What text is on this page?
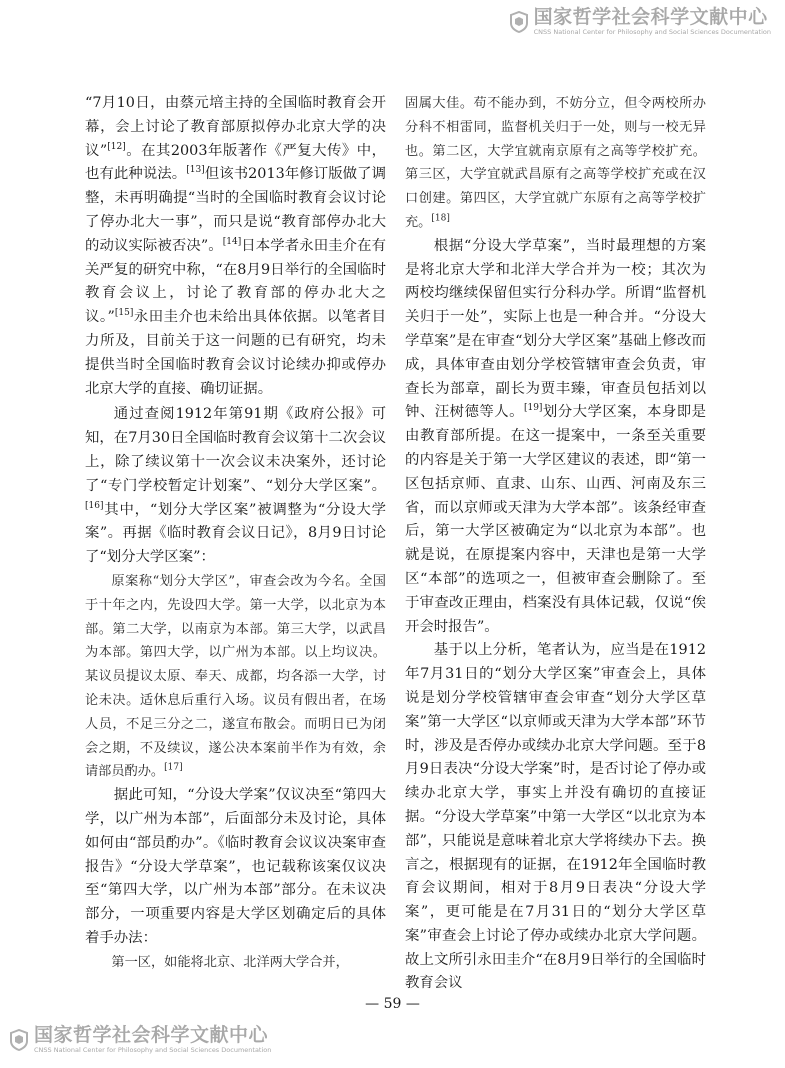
国家哲学社会科学文献中心
CNSS National Center for Philosophy and Social Sciences Documentation

“7月10日，由蔡元培主持的全国临时教育会开幕，会上讨论了教育部原拟停办北京大学的决议”[12]。在其2003年版著作《严复大传》中，也有此种说法。[13]但该书2013年修订版做了调整，未再明确提“当时的全国临时教育会议讨论了停办北大一事”，而只是说“教育部停办北大的动议实际被否决”。[14]日本学者永田圭介在有关严复的研究中称，“在8月9日举行的全国临时教育会议上，讨论了教育部的停办北大之议。”[15]永田圭介也未给出具体依据。以笔者目力所及，目前关于这一问题的已有研究，均未提供当时全国临时教育会议讨论续办抑或停办北京大学的直接、确切证据。

通过查阅1912年第91期《政府公报》可知，在7月30日全国临时教育会议第十二次会议上，除了续议第十一次会议未决案外，还讨论了“专门学校暂定计划案”、“划分大学区案”。[16]其中，“划分大学区案”被调整为“分设大学案”。再据《临时教育会议日记》，8月9日讨论了“划分大学区案”：

原案称“划分大学区”，审查会改为今名。全国于十年之内，先设四大学。第一大学，以北京为本部。第二大学，以南京为本部。第三大学，以武昌为本部。第四大学，以广州为本部。以上均议决。某议员提议太原、奉天、成都，均各添一大学，讨论未决。适休息后重行入场。议员有假出者，在场人员，不足三分之二，遂宣布散会。而明日已为闭会之期，不及续议，遂公决本案前半作为有效，余请部员酌办。[17]

据此可知，“分设大学案”仅议决至“第四大学，以广州为本部”，后面部分未及讨论，具体如何由“部员酌办”。《临时教育会议议决案审查报告》“分设大学草案”，也记载称该案仅议决至“第四大学，以广州为本部”部分。在未议决部分，一项重要内容是大学区划确定后的具体着手办法：

第一区，如能将北京、北洋两大学合并，

固属大佳。苟不能办到，不妨分立，但令两校所办分科不相雷同，监督机关归于一处，则与一校无异也。第二区，大学宜就南京原有之高等学校扩充。第三区，大学宜就武昌原有之高等学校扩充或在汉口创建。第四区，大学宜就广东原有之高等学校扩充。[18]

根据“分设大学草案”，当时最理想的方案是将北京大学和北洋大学合并为一校；其次为两校均继续保留但实行分科办学。所谓“监督机关归于一处”，实际上也是一种合并。“分设大学草案”是在审查“划分大学区案”基础上修改而成，具体审查由划分学校管辖审查会负责，审查长为部章，副长为贾丰臻，审查员包括刘以钟、汪树德等人。[19]划分大学区案，本身即是由教育部所提。在这一提案中，一条至关重要的内容是关于第一大学区建议的表述，即“第一区包括京师、直隶、山东、山西、河南及东三省，而以京师或天津为大学本部”。该条经审查后，第一大学区被确定为“以北京为本部”。也就是说，在原提案内容中，天津也是第一大学区“本部”的选项之一，但被审查会删除了。至于审查改正理由，档案没有具体记载，仅说“俟开会时报告”。

基于以上分析，笔者认为，应当是在1912年7月31日的“划分大学区案”审查会上，具体说是划分学校管辖审查会审查“划分大学区草案”第一大学区“以京师或天津为大学本部”环节时，涉及是否停办或续办北京大学问题。至于8月9日表决“分设大学案”时，是否讨论了停办或续办北京大学，事实上并没有确切的直接证据。“分设大学草案”中第一大学区“以北京为本部”，只能说是意味着北京大学将续办下去。换言之，根据现有的证据，在1912年全国临时教育会议期间，相对于8月9日表决“分设大学案”，更可能是在7月31日的“划分大学区草案”审查会上讨论了停办或续办北京大学问题。故上文所引永田圭介“在8月9日举行的全国临时教育会议

— 59 —
国家哲学社会科学文献中心
CNSS National Center for Philosophy and Social Sciences Documentation
